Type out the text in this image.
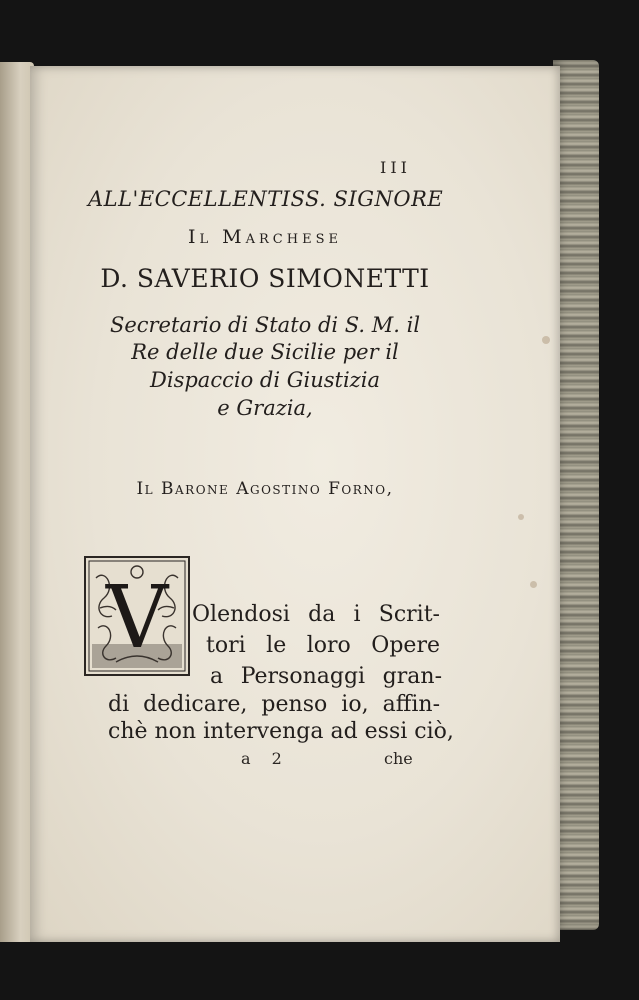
III
ALL'ECCELLENTISS. SIGNORE
Il Marchese
D. SAVERIO SIMONETTI
Secretario di Stato di S. M. il
Re delle due Sicilie per il
Dispaccio di Giustizia
e Grazia,
Il Barone Agostino Forno,
V	Olendosi da i Scrit-
tori le loro Opere
a Personaggi gran-
di dedicare, penso io, affin-
chè non intervenga ad essi ciò,
a 2	che
